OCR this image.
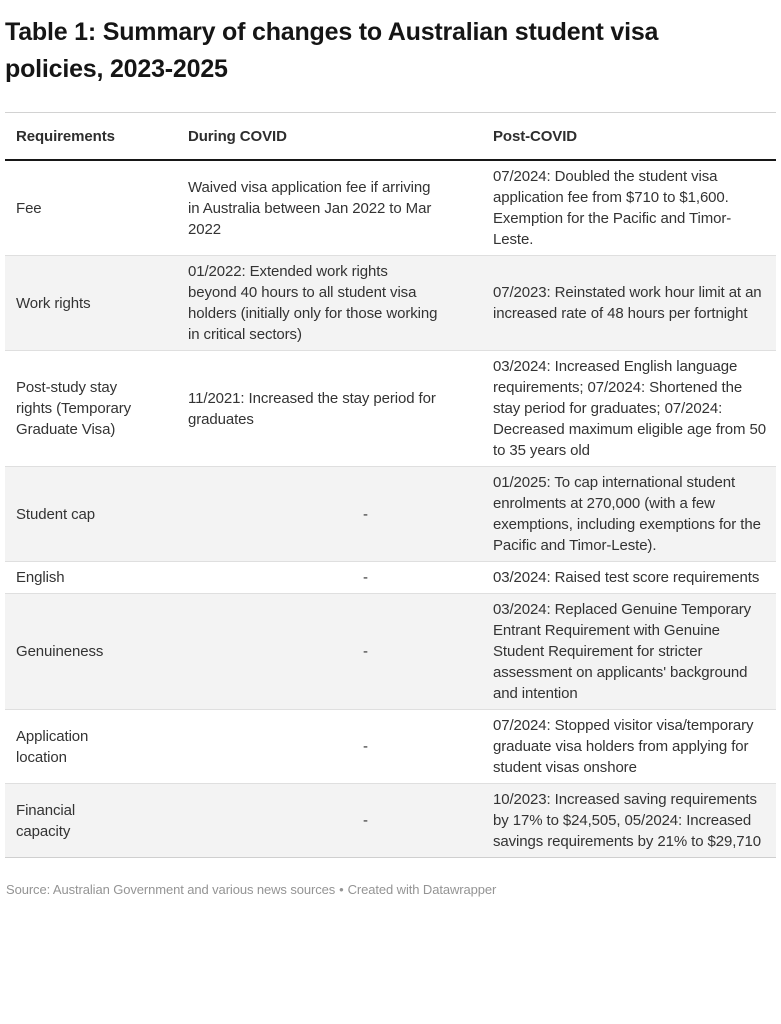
Table 1: Summary of changes to Australian student visa
policies, 2023-2025
Requirements	During COVID	Post-COVID
Fee	Waived visa application fee if arriving in Australia between Jan 2022 to Mar 2022	07/2024: Doubled the student visa application fee from $710 to $1,600. Exemption for the Pacific and Timor-Leste.
Work rights	01/2022: Extended work rights beyond 40 hours to all student visa holders (initially only for those working in critical sectors)	07/2023: Reinstated work hour limit at an increased rate of 48 hours per fortnight
Post-study stay rights (Temporary Graduate Visa)	11/2021: Increased the stay period for graduates	03/2024: Increased English language requirements; 07/2024: Shortened the stay period for graduates; 07/2024: Decreased maximum eligible age from 50 to 35 years old
Student cap	-	01/2025: To cap international student enrolments at 270,000 (with a few exemptions, including exemptions for the Pacific and Timor-Leste).
English	-	03/2024: Raised test score requirements
Genuineness	-	03/2024: Replaced Genuine Temporary Entrant Requirement with Genuine Student Requirement for stricter assessment on applicants' background and intention
Application location	-	07/2024: Stopped visitor visa/temporary graduate visa holders from applying for student visas onshore
Financial capacity	-	10/2023: Increased saving requirements by 17% to $24,505, 05/2024: Increased savings requirements by 21% to $29,710
Source: Australian Government and various news sources • Created with Datawrapper
